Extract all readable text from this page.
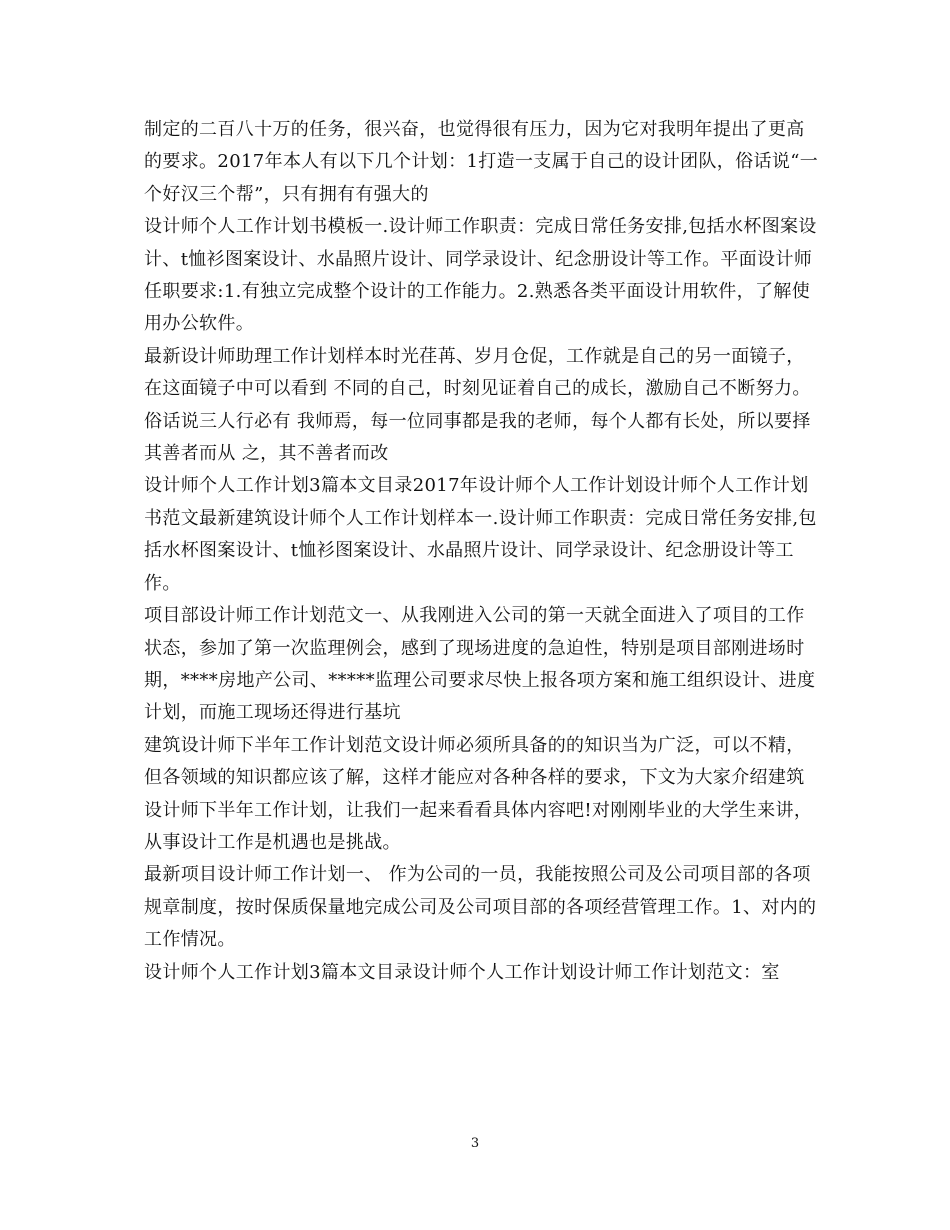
制定的二百八十万的任务，很兴奋，也觉得很有压力，因为它对我明年提出了更高的要求。2017年本人有以下几个计划：1打造一支属于自己的设计团队，俗话说“一个好汉三个帮”，只有拥有有强大的

设计师个人工作计划书模板一.设计师工作职责：完成日常任务安排,包括水杯图案设计、t恤衫图案设计、水晶照片设计、同学录设计、纪念册设计等工作。平面设计师任职要求:1.有独立完成整个设计的工作能力。2.熟悉各类平面设计用软件，了解使用办公软件。

最新设计师助理工作计划样本时光荏苒、岁月仓促，工作就是自己的另一面镜子，在这面镜子中可以看到 不同的自己，时刻见证着自己的成长，激励自己不断努力。俗话说三人行必有 我师焉，每一位同事都是我的老师，每个人都有长处，所以要择其善者而从 之，其不善者而改

设计师个人工作计划3篇本文目录2017年设计师个人工作计划设计师个人工作计划书范文最新建筑设计师个人工作计划样本一.设计师工作职责：完成日常任务安排,包括水杯图案设计、t恤衫图案设计、水晶照片设计、同学录设计、纪念册设计等工作。

项目部设计师工作计划范文一、从我刚进入公司的第一天就全面进入了项目的工作状态，参加了第一次监理例会，感到了现场进度的急迫性，特别是项目部刚进场时期，****房地产公司、*****监理公司要求尽快上报各项方案和施工组织设计、进度计划，而施工现场还得进行基坑

建筑设计师下半年工作计划范文设计师必须所具备的的知识当为广泛，可以不精，但各领域的知识都应该了解，这样才能应对各种各样的要求，下文为大家介绍建筑设计师下半年工作计划，让我们一起来看看具体内容吧!对刚刚毕业的大学生来讲，从事设计工作是机遇也是挑战。

最新项目设计师工作计划一、 作为公司的一员，我能按照公司及公司项目部的各项规章制度，按时保质保量地完成公司及公司项目部的各项经营管理工作。1、对内的工作情况。

设计师个人工作计划3篇本文目录设计师个人工作计划设计师工作计划范文：室

3
